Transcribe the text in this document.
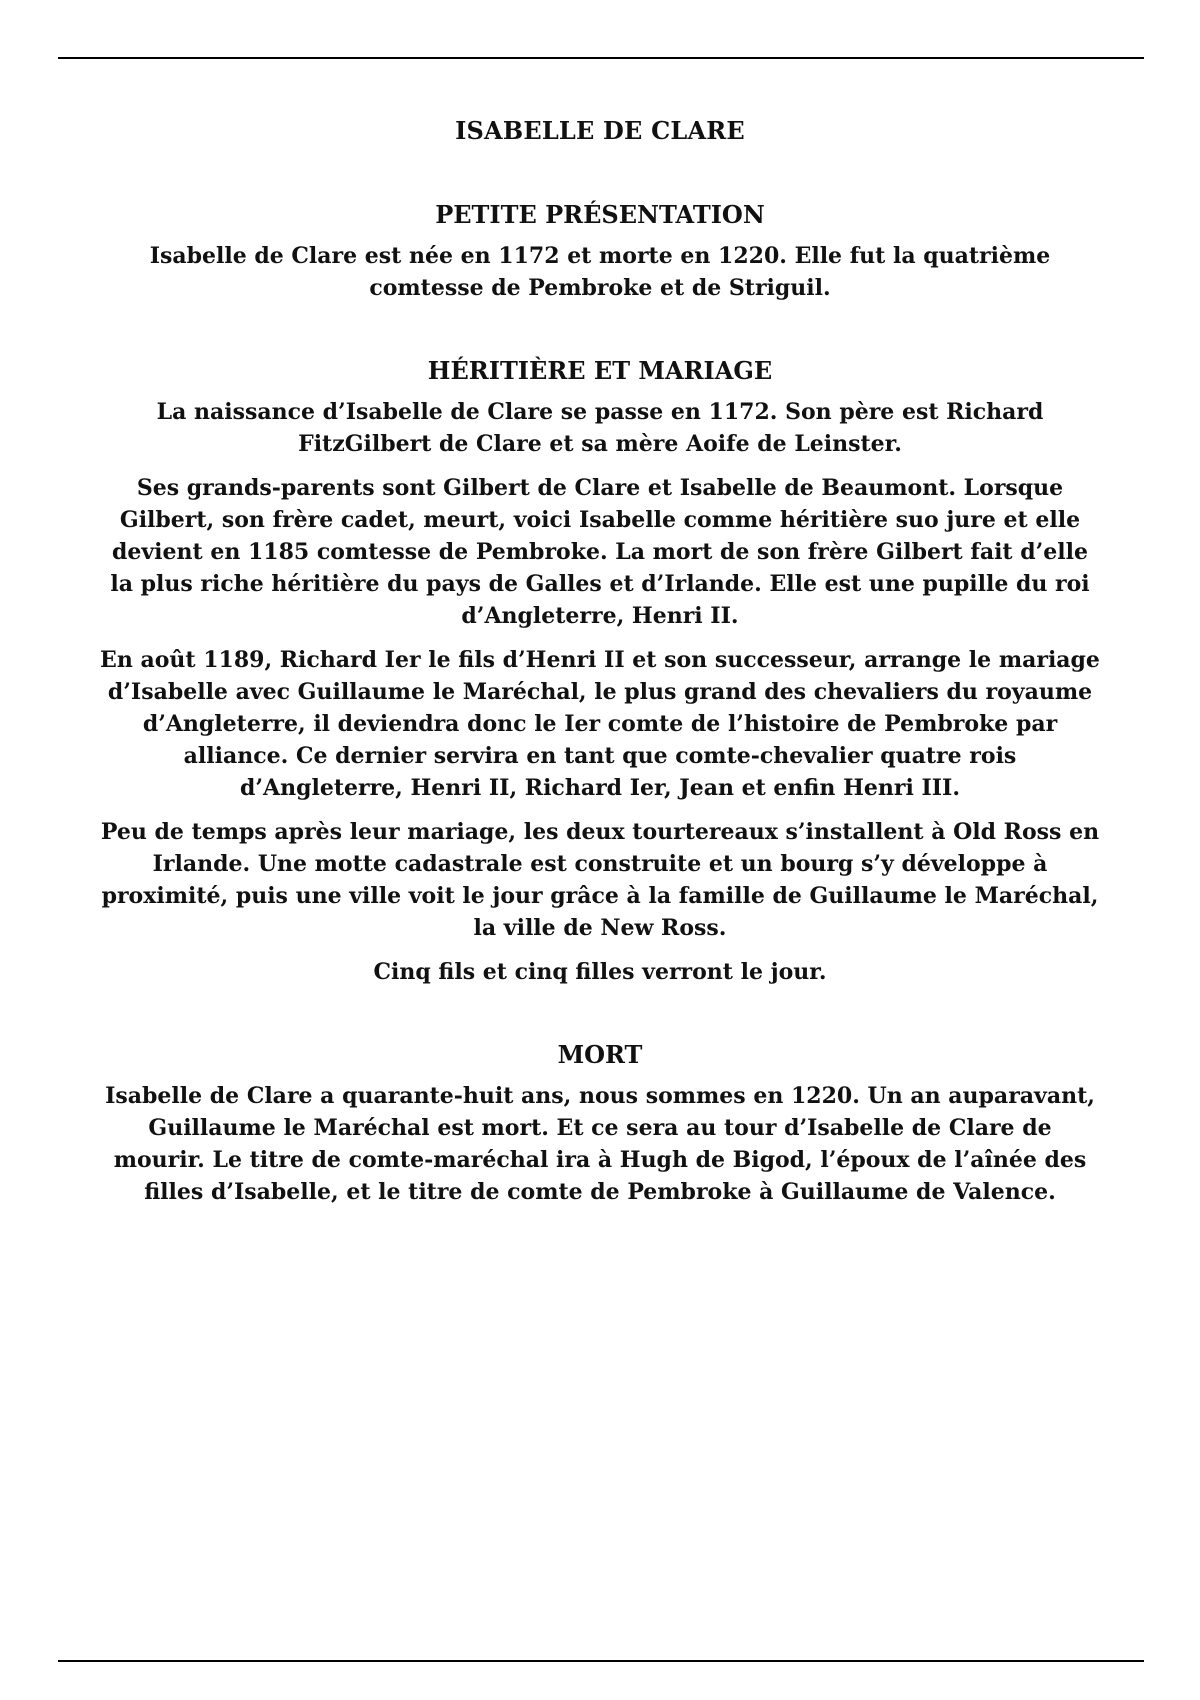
ISABELLE DE CLARE
PETITE PRÉSENTATION

Isabelle de Clare est née en 1172 et morte en 1220. Elle fut la quatrième comtesse de Pembroke et de Striguil.

HÉRITIÈRE ET MARIAGE

La naissance d’Isabelle de Clare se passe en 1172. Son père est Richard FitzGilbert de Clare et sa mère Aoife de Leinster.

Ses grands-parents sont Gilbert de Clare et Isabelle de Beaumont. Lorsque Gilbert, son frère cadet, meurt, voici Isabelle comme héritière suo jure et elle devient en 1185 comtesse de Pembroke. La mort de son frère Gilbert fait d’elle la plus riche héritière du pays de Galles et d’Irlande. Elle est une pupille du roi d’Angleterre, Henri II.

En août 1189, Richard Ier le fils d’Henri II et son successeur, arrange le mariage d’Isabelle avec Guillaume le Maréchal, le plus grand des chevaliers du royaume d’Angleterre, il deviendra donc le Ier comte de l’histoire de Pembroke par alliance. Ce dernier servira en tant que comte-chevalier quatre rois d’Angleterre, Henri II, Richard Ier, Jean et enfin Henri III.

Peu de temps après leur mariage, les deux tourtereaux s’installent à Old Ross en Irlande. Une motte cadastrale est construite et un bourg s’y développe à proximité, puis une ville voit le jour grâce à la famille de Guillaume le Maréchal, la ville de New Ross.

Cinq fils et cinq filles verront le jour.

MORT

Isabelle de Clare a quarante-huit ans, nous sommes en 1220. Un an auparavant, Guillaume le Maréchal est mort. Et ce sera au tour d’Isabelle de Clare de mourir. Le titre de comte-maréchal ira à Hugh de Bigod, l’époux de l’aînée des filles d’Isabelle, et le titre de comte de Pembroke à Guillaume de Valence.
